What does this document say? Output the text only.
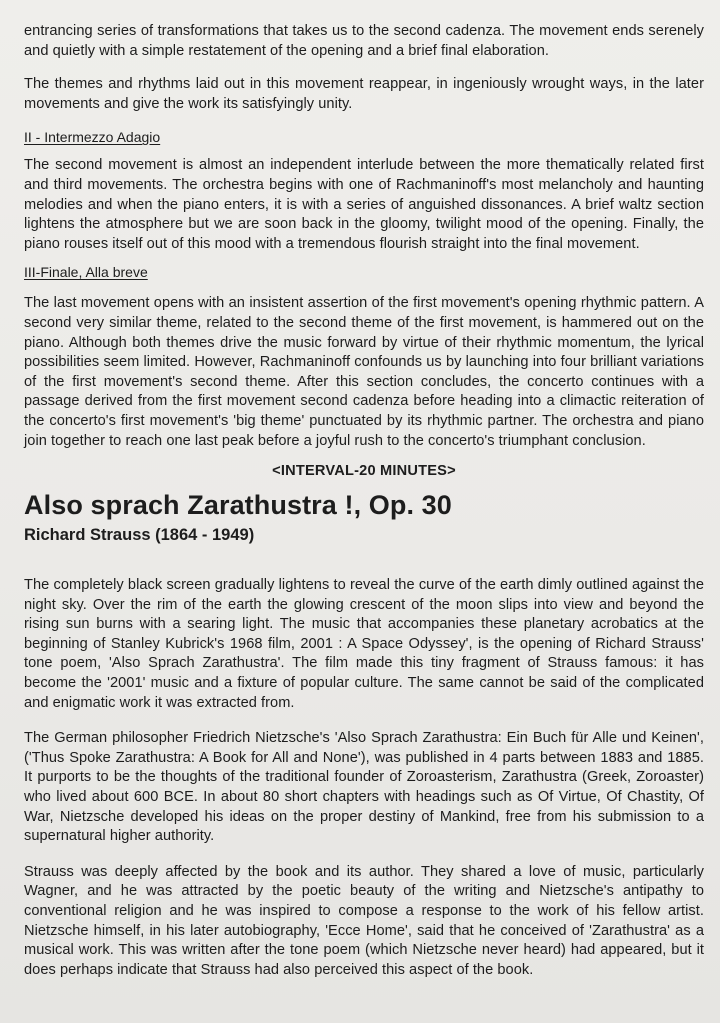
entrancing series of transformations that takes us to the second cadenza. The movement ends serenely and quietly with a simple restatement of the opening and a brief final elaboration.

The themes and rhythms laid out in this movement reappear, in ingeniously wrought ways, in the later movements and give the work its satisfyingly unity.

II - Intermezzo Adagio

The second movement is almost an independent interlude between the more thematically related first and third movements. The orchestra begins with one of Rachmaninoff's most melancholy and haunting melodies and when the piano enters, it is with a series of anguished dissonances. A brief waltz section lightens the atmosphere but we are soon back in the gloomy, twilight mood of the opening. Finally, the piano rouses itself out of this mood with a tremendous flourish straight into the final movement.

III-Finale, Alla breve

The last movement opens with an insistent assertion of the first movement's opening rhythmic pattern. A second very similar theme, related to the second theme of the first movement, is hammered out on the piano. Although both themes drive the music forward by virtue of their rhythmic momentum, the lyrical possibilities seem limited. However, Rachmaninoff confounds us by launching into four brilliant variations of the first movement's second theme. After this section concludes, the concerto continues with a passage derived from the first movement second cadenza before heading into a climactic reiteration of the concerto's first movement's 'big theme' punctuated by its rhythmic partner. The orchestra and piano join together to reach one last peak before a joyful rush to the concerto's triumphant conclusion.

<INTERVAL-20 MINUTES>

Also sprach Zarathustra !, Op. 30
Richard Strauss (1864 - 1949)

The completely black screen gradually lightens to reveal the curve of the earth dimly outlined against the night sky. Over the rim of the earth the glowing crescent of the moon slips into view and beyond the rising sun burns with a searing light. The music that accompanies these planetary acrobatics at the beginning of Stanley Kubrick's 1968 film, 2001 : A Space Odyssey', is the opening of Richard Strauss' tone poem, 'Also Sprach Zarathustra'. The film made this tiny fragment of Strauss famous: it has become the '2001' music and a fixture of popular culture. The same cannot be said of the complicated and enigmatic work it was extracted from.

The German philosopher Friedrich Nietzsche's 'Also Sprach Zarathustra: Ein Buch für Alle und Keinen', ('Thus Spoke Zarathustra: A Book for All and None'), was published in 4 parts between 1883 and 1885. It purports to be the thoughts of the traditional founder of Zoroasterism, Zarathustra (Greek, Zoroaster) who lived about 600 BCE. In about 80 short chapters with headings such as Of Virtue, Of Chastity, Of War, Nietzsche developed his ideas on the proper destiny of Mankind, free from his submission to a supernatural higher authority.

Strauss was deeply affected by the book and its author. They shared a love of music, particularly Wagner, and he was attracted by the poetic beauty of the writing and Nietzsche's antipathy to conventional religion and he was inspired to compose a response to the work of his fellow artist. Nietzsche himself, in his later autobiography, 'Ecce Home', said that he conceived of 'Zarathustra' as a musical work. This was written after the tone poem (which Nietzsche never heard) had appeared, but it does perhaps indicate that Strauss had also perceived this aspect of the book.
